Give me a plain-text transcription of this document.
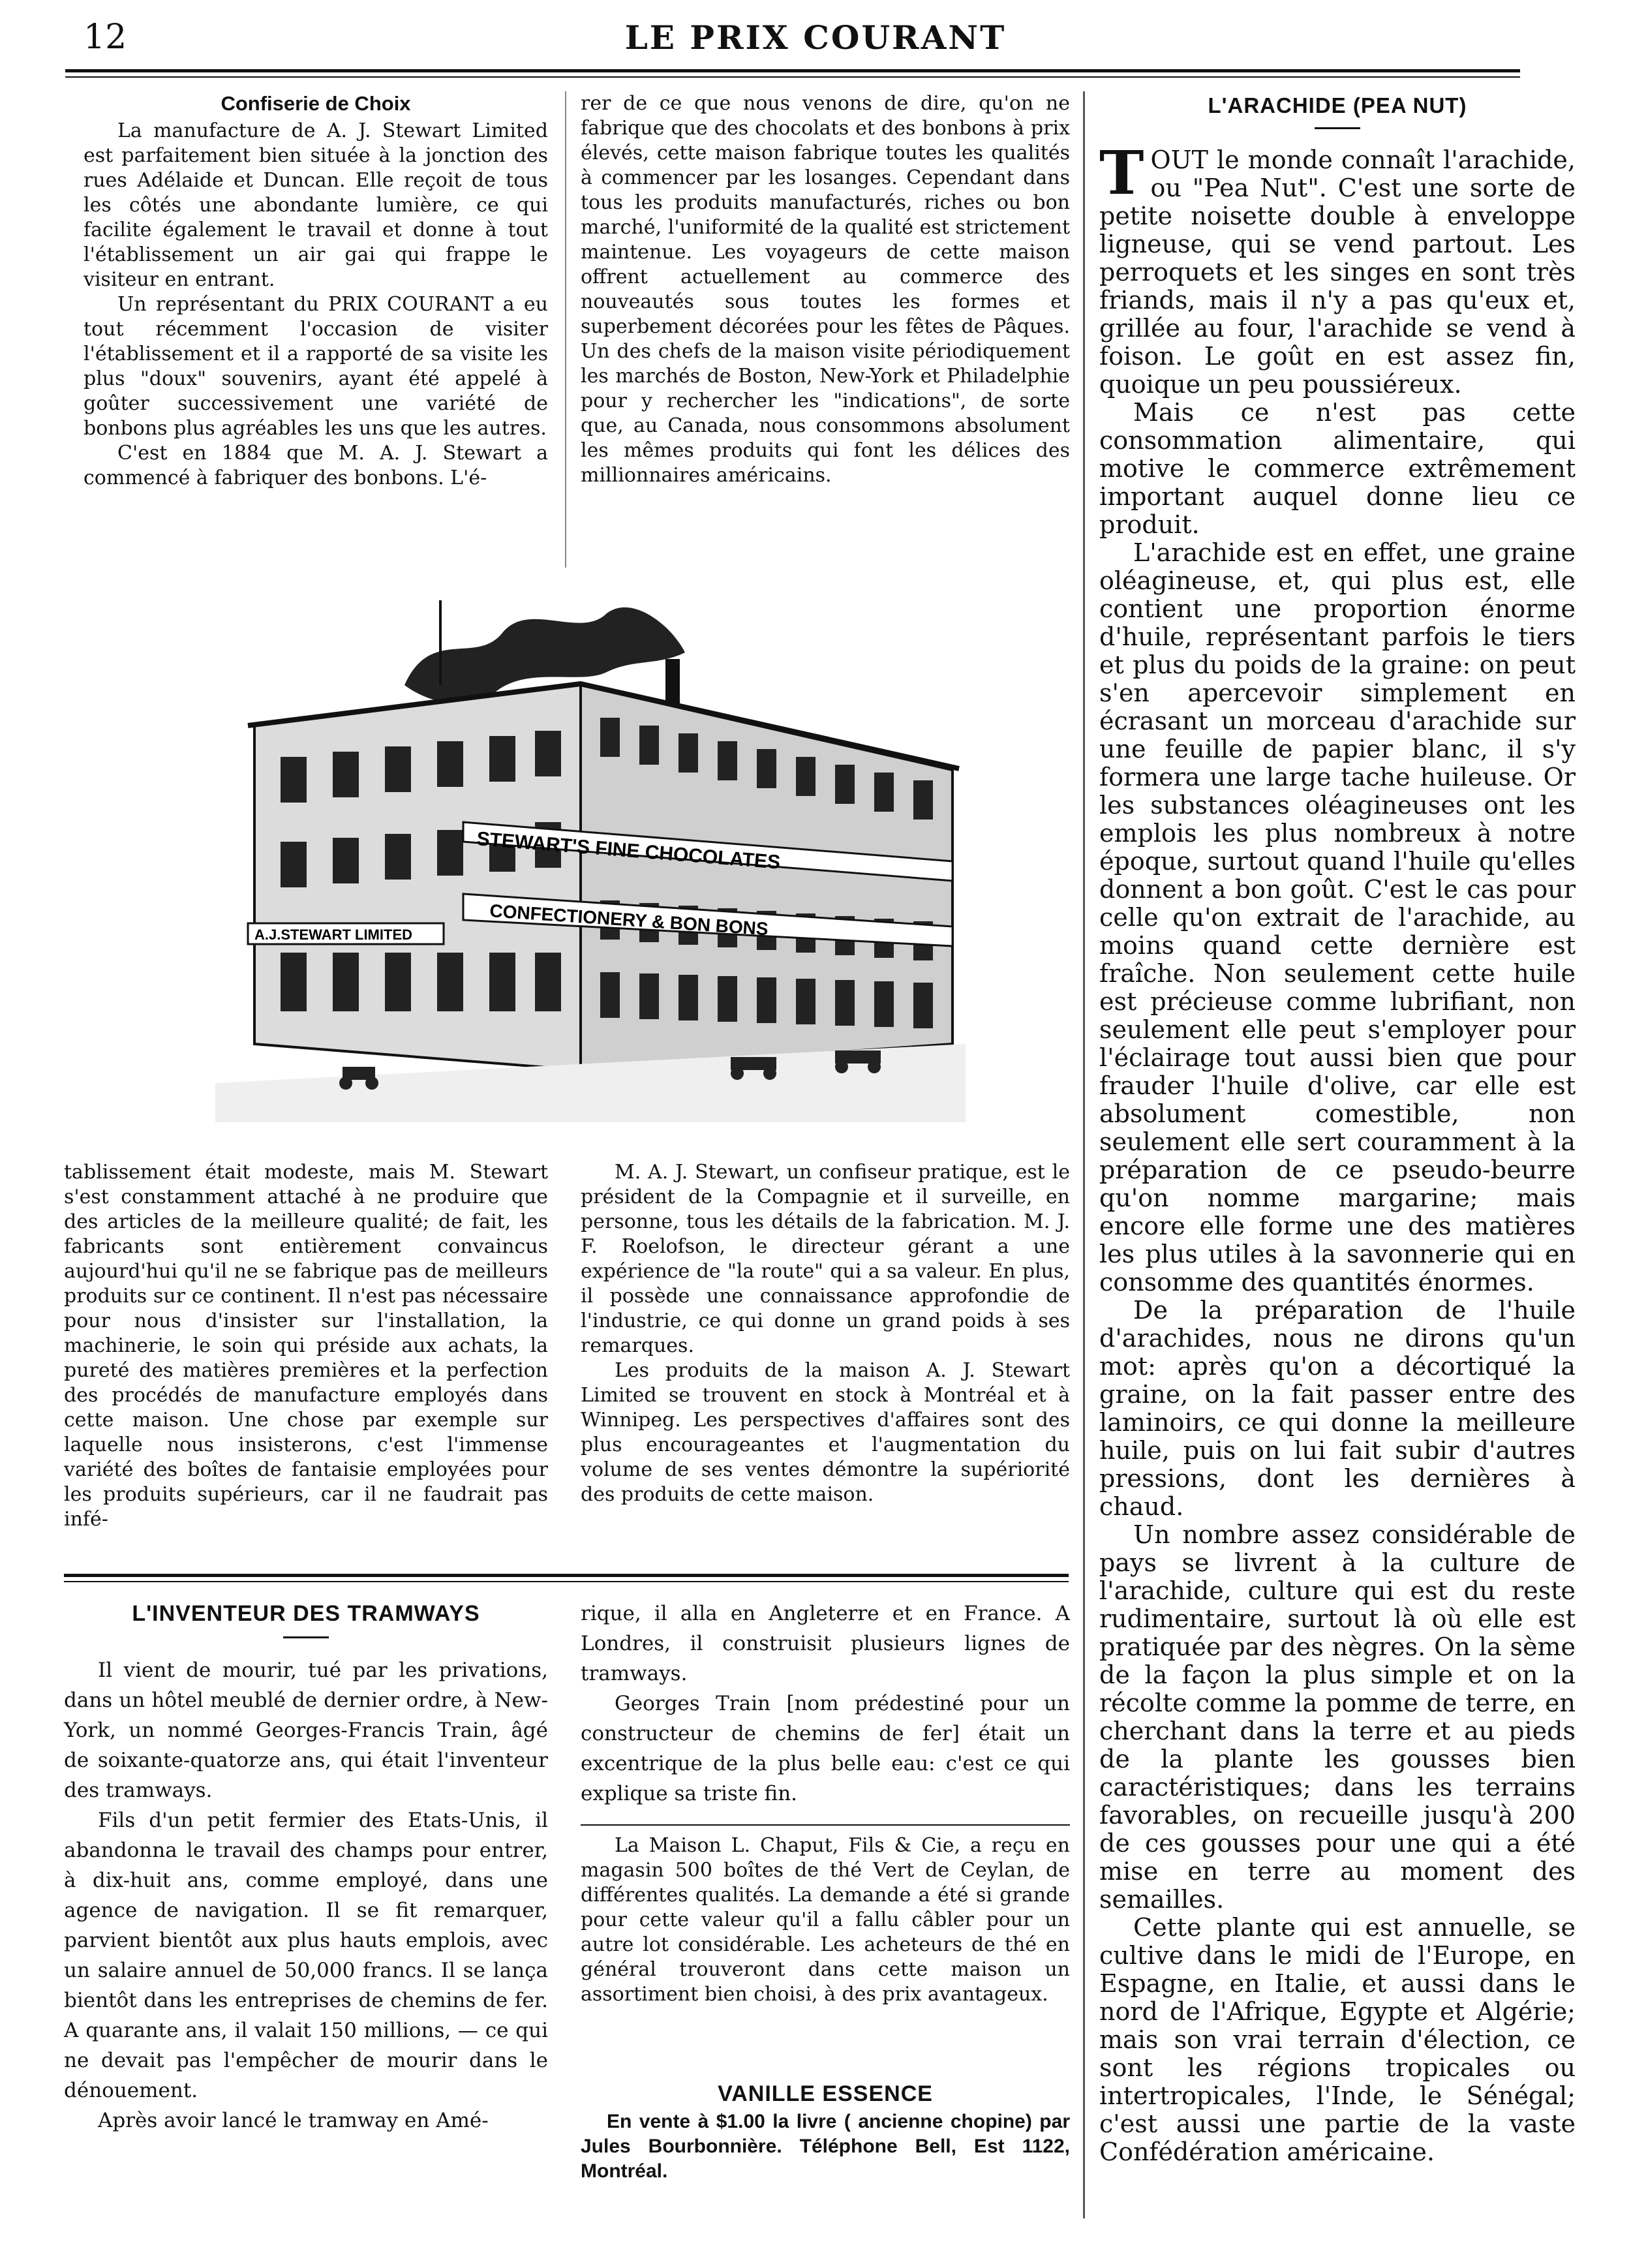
12	LE PRIX COURANT

Confiserie de Choix

La manufacture de A. J. Stewart Limited est parfaitement bien située à la jonction des rues Adélaide et Duncan. Elle reçoit de tous les côtés une abondante lumière, ce qui facilite également le travail et donne à tout l'établissement un air gai qui frappe le visiteur en entrant.

Un représentant du PRIX COURANT a eu tout récemment l'occasion de visiter l'établissement et il a rapporté de sa visite les plus "doux" souvenirs, ayant été appelé à goûter successivement une variété de bonbons plus agréables les uns que les autres.

C'est en 1884 que M. A. J. Stewart a commencé à fabriquer des bonbons. L'é-

rer de ce que nous venons de dire, qu'on ne fabrique que des chocolats et des bonbons à prix élevés, cette maison fabrique toutes les qualités à commencer par les losanges. Cependant dans tous les produits manufacturés, riches ou bon marché, l'uniformité de la qualité est strictement maintenue. Les voyageurs de cette maison offrent actuellement au commerce des nouveautés sous toutes les formes et superbement décorées pour les fêtes de Pâques. Un des chefs de la maison visite périodiquement les marchés de Boston, New-York et Philadelphie pour y rechercher les "indications", de sorte que, au Canada, nous consommons absolument les mêmes produits qui font les délices des millionnaires américains.

STEWART'S FINE CHOCOLATES
CONFECTIONERY & BON BONS
A.J.STEWART LIMITED

tablissement était modeste, mais M. Stewart s'est constamment attaché à ne produire que des articles de la meilleure qualité; de fait, les fabricants sont entièrement convaincus aujourd'hui qu'il ne se fabrique pas de meilleurs produits sur ce continent. Il n'est pas nécessaire pour nous d'insister sur l'installation, la machinerie, le soin qui préside aux achats, la pureté des matières premières et la perfection des procédés de manufacture employés dans cette maison. Une chose par exemple sur laquelle nous insisterons, c'est l'immense variété des boîtes de fantaisie employées pour les produits supérieurs, car il ne faudrait pas infé-

M. A. J. Stewart, un confiseur pratique, est le président de la Compagnie et il surveille, en personne, tous les détails de la fabrication. M. J. F. Roelofson, le directeur gérant a une expérience de "la route" qui a sa valeur. En plus, il possède une connaissance approfondie de l'industrie, ce qui donne un grand poids à ses remarques.

Les produits de la maison A. J. Stewart Limited se trouvent en stock à Montréal et à Winnipeg. Les perspectives d'affaires sont des plus encourageantes et l'augmentation du volume de ses ventes démontre la supériorité des produits de cette maison.

L'INVENTEUR DES TRAMWAYS

Il vient de mourir, tué par les privations, dans un hôtel meublé de dernier ordre, à New-York, un nommé Georges-Francis Train, âgé de soixante-quatorze ans, qui était l'inventeur des tramways.

Fils d'un petit fermier des Etats-Unis, il abandonna le travail des champs pour entrer, à dix-huit ans, comme employé, dans une agence de navigation. Il se fit remarquer, parvient bientôt aux plus hauts emplois, avec un salaire annuel de 50,000 francs. Il se lança bientôt dans les entreprises de chemins de fer. A quarante ans, il valait 150 millions, — ce qui ne devait pas l'empêcher de mourir dans le dénouement.

Après avoir lancé le tramway en Amé-

rique, il alla en Angleterre et en France. A Londres, il construisit plusieurs lignes de tramways.

Georges Train [nom prédestiné pour un constructeur de chemins de fer] était un excentrique de la plus belle eau: c'est ce qui explique sa triste fin.

La Maison L. Chaput, Fils & Cie, a reçu en magasin 500 boîtes de thé Vert de Ceylan, de différentes qualités. La demande a été si grande pour cette valeur qu'il a fallu câbler pour un autre lot considérable. Les acheteurs de thé en général trouveront dans cette maison un assortiment bien choisi, à des prix avantageux.

VANILLE ESSENCE

En vente à $1.00 la livre ( ancienne chopine) par Jules Bourbonnière. Téléphone Bell, Est 1122, Montréal.

L'ARACHIDE (PEA NUT)

TOUT le monde connaît l'arachide, ou "Pea Nut". C'est une sorte de petite noisette double à enveloppe ligneuse, qui se vend partout. Les perroquets et les singes en sont très friands, mais il n'y a pas qu'eux et, grillée au four, l'arachide se vend à foison. Le goût en est assez fin, quoique un peu poussiéreux.

Mais ce n'est pas cette consommation alimentaire, qui motive le commerce extrêmement important auquel donne lieu ce produit.

L'arachide est en effet, une graine oléagineuse, et, qui plus est, elle contient une proportion énorme d'huile, représentant parfois le tiers et plus du poids de la graine: on peut s'en apercevoir simplement en écrasant un morceau d'arachide sur une feuille de papier blanc, il s'y formera une large tache huileuse. Or les substances oléagineuses ont les emplois les plus nombreux à notre époque, surtout quand l'huile qu'elles donnent a bon goût. C'est le cas pour celle qu'on extrait de l'arachide, au moins quand cette dernière est fraîche. Non seulement cette huile est précieuse comme lubrifiant, non seulement elle peut s'employer pour l'éclairage tout aussi bien que pour frauder l'huile d'olive, car elle est absolument comestible, non seulement elle sert couramment à la préparation de ce pseudo-beurre qu'on nomme margarine; mais encore elle forme une des matières les plus utiles à la savonnerie qui en consomme des quantités énormes.

De la préparation de l'huile d'arachides, nous ne dirons qu'un mot: après qu'on a décortiqué la graine, on la fait passer entre des laminoirs, ce qui donne la meilleure huile, puis on lui fait subir d'autres pressions, dont les dernières à chaud.

Un nombre assez considérable de pays se livrent à la culture de l'arachide, culture qui est du reste rudimentaire, surtout là où elle est pratiquée par des nègres. On la sème de la façon la plus simple et on la récolte comme la pomme de terre, en cherchant dans la terre et au pieds de la plante les gousses bien caractéristiques; dans les terrains favorables, on recueille jusqu'à 200 de ces gousses pour une qui a été mise en terre au moment des semailles.

Cette plante qui est annuelle, se cultive dans le midi de l'Europe, en Espagne, en Italie, et aussi dans le nord de l'Afrique, Egypte et Algérie; mais son vrai terrain d'élection, ce sont les régions tropicales ou intertropicales, l'Inde, le Sénégal; c'est aussi une partie de la vaste Confédération américaine.
